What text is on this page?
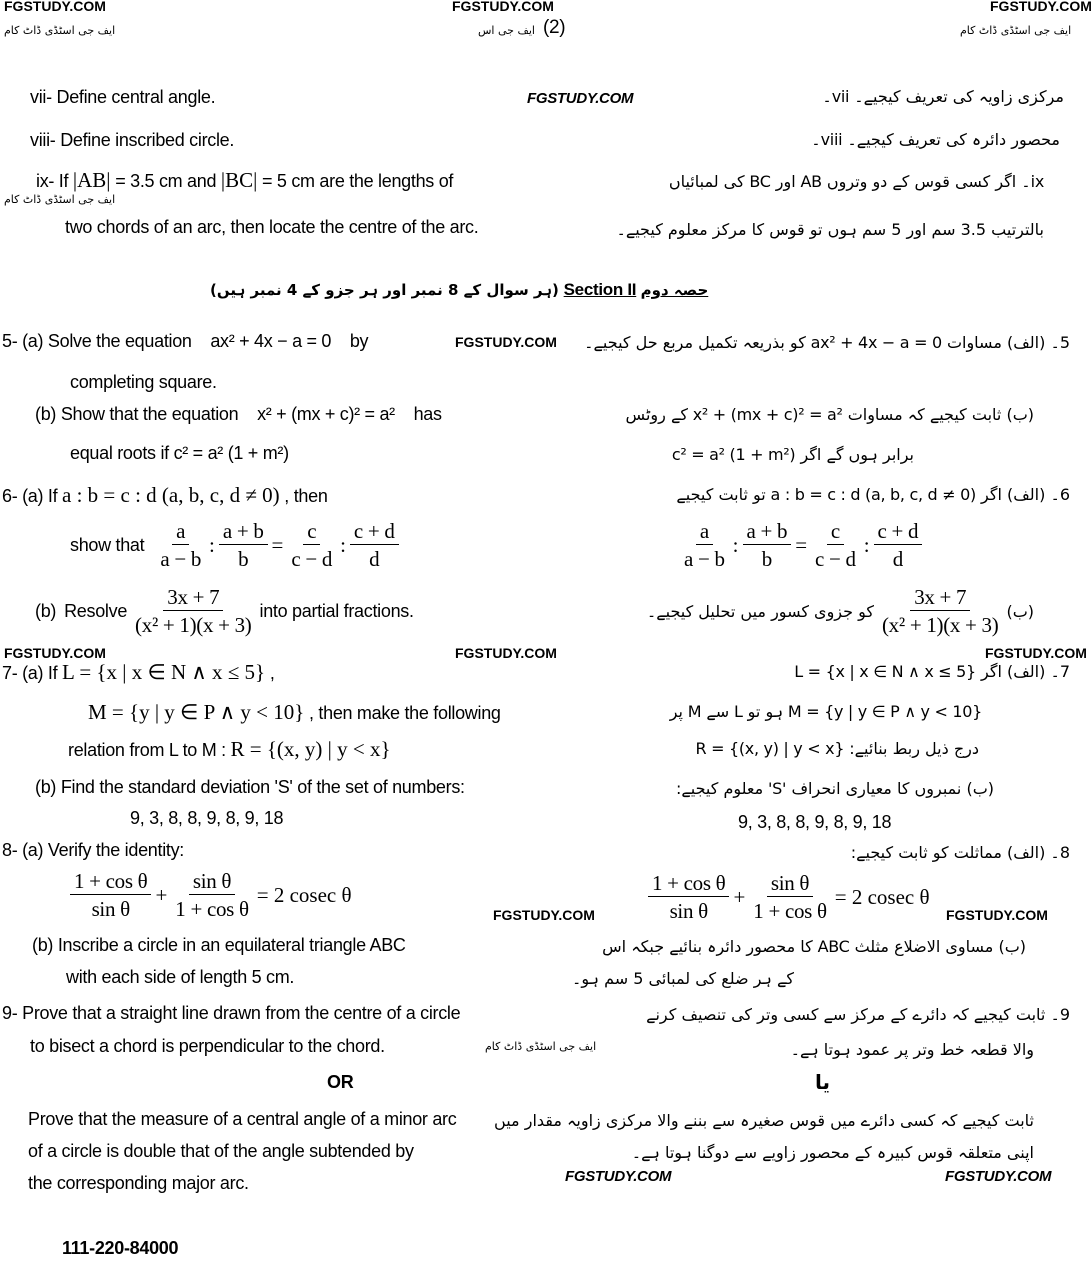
FGSTUDY.COM	FGSTUDY.COM	FGSTUDY.COM
ایف جی اسٹڈی ڈاٹ کام	ایف جی اسٹڈی ڈاٹ کام
(2)
ایف جی اس
vii- Define central angle.	FGSTUDY.COM	مرکزی زاویہ کی تعریف کیجیے۔ vii۔
viii- Define inscribed circle.	محصور دائرہ کی تعریف کیجیے۔ viii۔
ix- If |AB| = 3.5 cm and |BC| = 5 cm are the lengths of
ایف جی اسٹڈی ڈاٹ کام
two chords of an arc, then locate the centre of the arc.
ix۔ اگر کسی قوس کے دو وتروں AB اور BC کی لمبائیاں
بالترتیب 3.5 سم اور 5 سم ہوں تو قوس کا مرکز معلوم کیجیے۔
(ہر سوال کے 8 نمبر اور ہر جزو کے 4 نمبر ہیں) Section II حصہ دوم
5- (a) Solve the equation ax² + 4x − a = 0 by	FGSTUDY.COM 5۔ (الف) مساوات ax² + 4x − a = 0 کو بذریعہ تکمیل مربع حل کیجیے۔
completing square.
(b) Show that the equation x² + (mx + c)² = a² has	(ب) ثابت کیجیے کہ مساوات x² + (mx + c)² = a² کے روٹس
equal roots if c² = a² (1 + m²)	برابر ہوں گے اگر c² = a² (1 + m²)
6- (a) If a : b = c : d (a, b, c, d ≠ 0) , then	6۔ (الف) اگر a : b = c : d (a, b, c, d ≠ 0) تو ثابت کیجیے
show that $\frac{a}{a - b}$ : $\frac{a + b}{b} = \frac{c}{c - d}$ : $\frac{c + d}{d}$	$\frac{a}{a - b}$ : $\frac{a + b}{b} = \frac{c}{c - d}$ : $\frac{c + d}{d}$
(b) Resolve $\frac{3x + 7}{\text{(x² + 1)(x + 3)}}$ into partial fractions.	(ب)
$\frac{3x + 7}{\text{(x² + 1)(x + 3)}}$
کو جزوی کسور میں تحلیل کیجیے۔
FGSTUDY.COM	FGSTUDY.COM	FGSTUDY.COM
7- (a) If L = {x | x ∈ N ∧ x ≤ 5} ,	7۔ (الف) اگر L = {x | x ∈ N ∧ x ≤ 5}
M = {y | y ∈ P ∧ y < 10} , then make the following	M = {y | y ∈ P ∧ y < 10} ہو تو L سے M پر
relation from L to M : R = {(x, y) | y < x}	درج ذیل ربط بنائیے: R = {(x, y) | y < x}
(b) Find the standard deviation 'S' of the set of numbers:	(ب) نمبروں کا معیاری انحراف 'S' معلوم کیجیے:
9, 3, 8, 8, 9, 8, 9, 18	9, 3, 8, 8, 9, 8, 9, 18
8- (a) Verify the identity:	8۔ (الف) مماثلت کو ثابت کیجیے:
$\frac{\text{1 + cos θ}}{\text{sin θ}} + \frac{\text{sin θ}}{\text{1 + cos θ}} = 2$ cosec θ	$\frac{\text{1 + cos θ}}{\text{sin θ}} + \frac{\text{sin θ}}{\text{1 + cos θ}} = 2$ cosec θ
FGSTUDY.COM	FGSTUDY.COM
(b) Inscribe a circle in an equilateral triangle ABC	(ب) مساوی الاضلاع مثلث ABC کا محصور دائرہ بنائیے جبکہ اس
with each side of length 5 cm.	کے ہر ضلع کی لمبائی 5 سم ہو۔
9- Prove that a straight line drawn from the centre of a circle	9۔ ثابت کیجیے کہ دائرے کے مرکز سے کسی وتر کی تنصیف کرنے
to bisect a chord is perpendicular to the chord.	ایف جی اسٹڈی ڈاٹ کام	والا قطعہ خط وتر پر عمود ہوتا ہے۔
OR	یا
Prove that the measure of a central angle of a minor arc
of a circle is double that of the angle subtended by
the corresponding major arc.
ثابت کیجیے کہ کسی دائرے میں قوس صغیرہ سے بننے والا مرکزی زاویہ مقدار میں
اپنی متعلقہ قوس کبیرہ کے محصور زاویے سے دوگنا ہوتا ہے۔
FGSTUDY.COM	FGSTUDY.COM
111-220-84000
